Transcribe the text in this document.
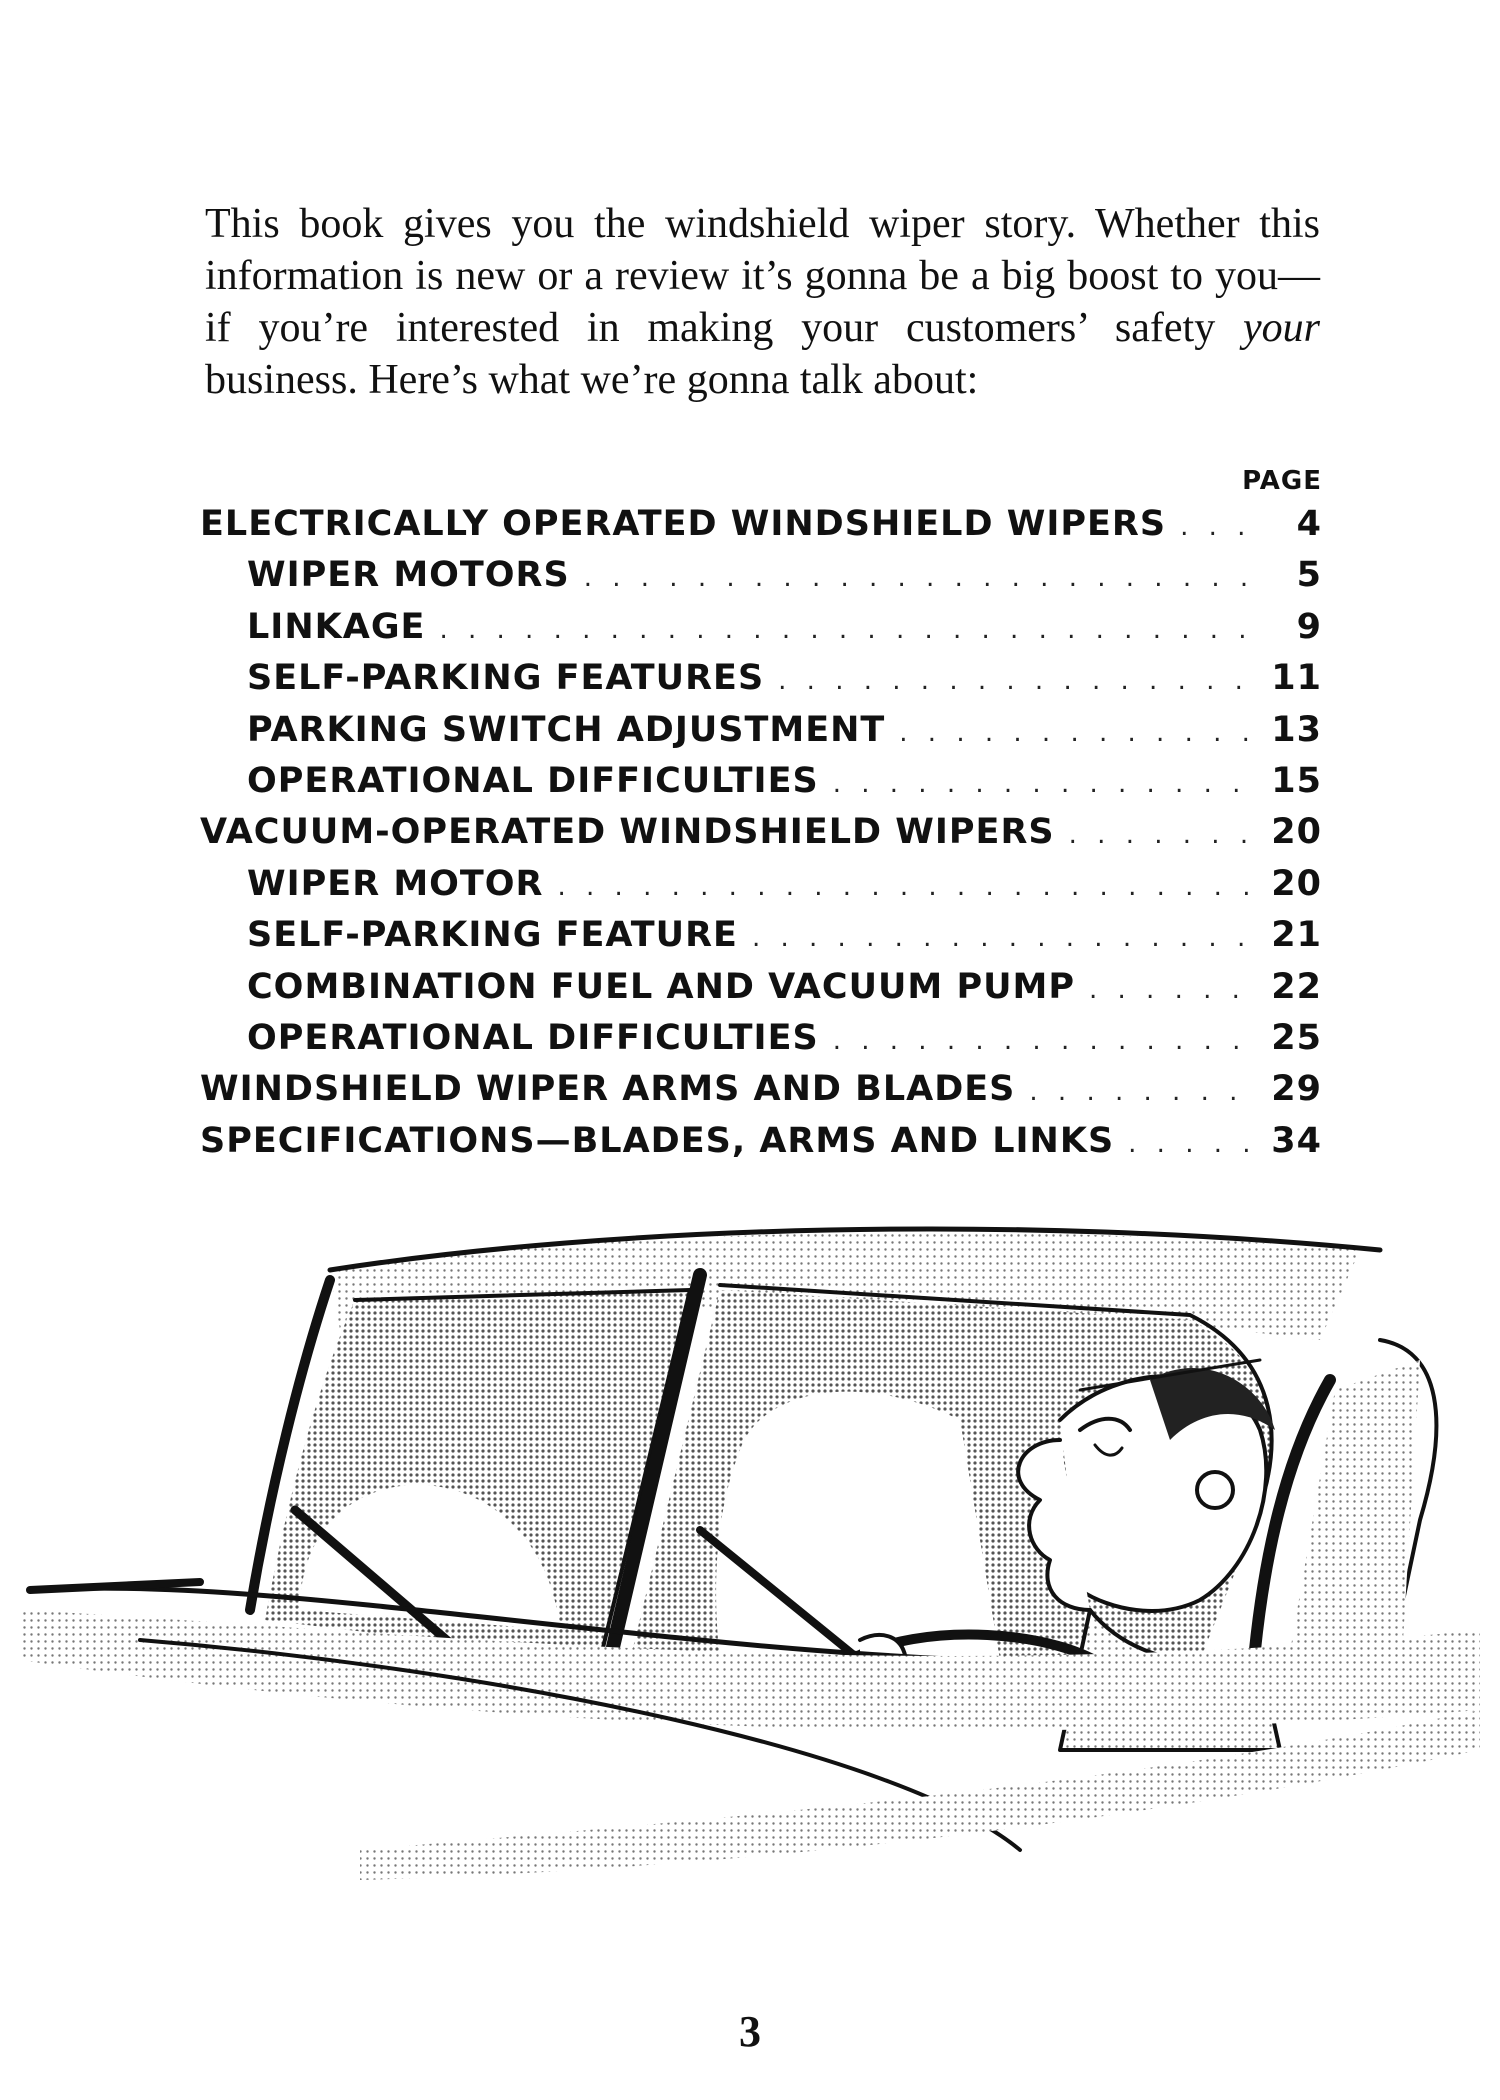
This book gives you the windshield wiper story. Whether this information is new or a review it’s gonna be a big boost to you—if you’re interested in making your customers’ safety your business. Here’s what we’re gonna talk about:
PAGE
ELECTRICALLY OPERATED WINDSHIELD WIPERS . . .	4
WIPER MOTORS . . .	5
LINKAGE . . .	9
SELF-PARKING FEATURES . . .	11
PARKING SWITCH ADJUSTMENT . . .	13
OPERATIONAL DIFFICULTIES . . .	15
VACUUM-OPERATED WINDSHIELD WIPERS . . .	20
WIPER MOTOR . . .	20
SELF-PARKING FEATURE . . .	21
COMBINATION FUEL AND VACUUM PUMP . . .	22
OPERATIONAL DIFFICULTIES . . .	25
WINDSHIELD WIPER ARMS AND BLADES . . .	29
SPECIFICATIONS—BLADES, ARMS AND LINKS . . .	34
3
